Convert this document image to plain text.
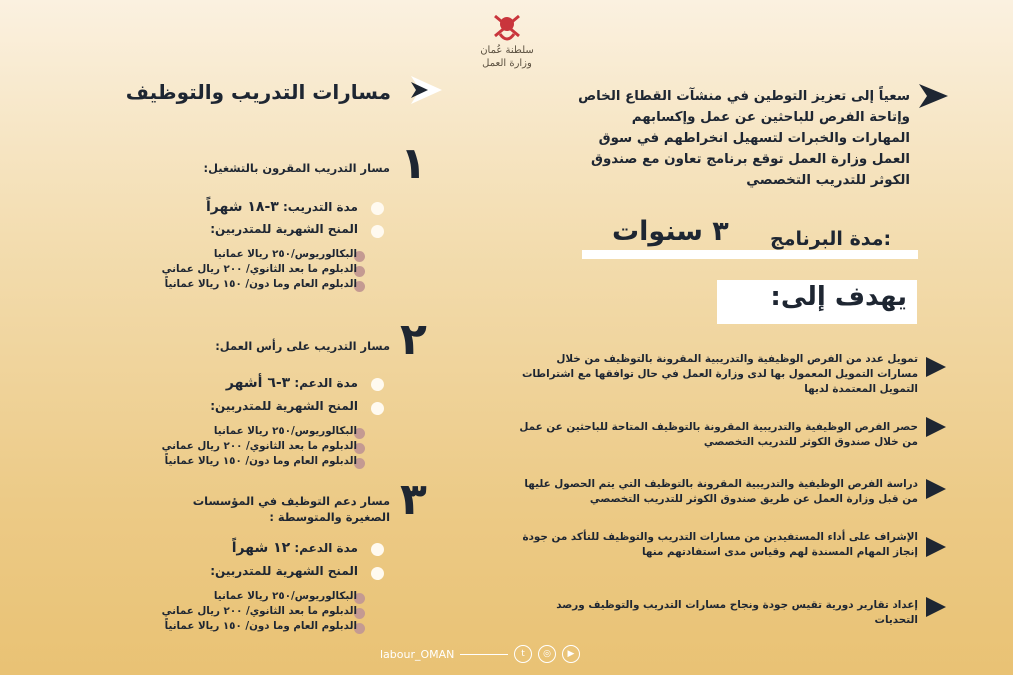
سلطنة عُمان
وزارة العمل
سعياً إلى تعزيز التوطين في منشآت القطاع الخاص وإتاحة الفرص للباحثين عن عمل وإكسابهم المهارات والخبرات لتسهيل انخراطهم في سوق العمل وزارة العمل توقع برنامج تعاون مع صندوق الكوثر للتدريب التخصصي
مدة البرنامج:
٣ سنوات
يهدف إلى:
تمويل عدد من الفرص الوظيفية والتدريبية المقرونة بالتوظيف من خلال مسارات التمويل المعمول بها لدى وزارة العمل في حال توافقها مع اشتراطات التمويل المعتمدة لديها
حصر الفرص الوظيفية والتدريبية المقرونة بالتوظيف المتاحة للباحثين عن عمل من خلال صندوق الكوثر للتدريب التخصصي
دراسة الفرص الوظيفية والتدريبية المقرونة بالتوظيف التي يتم الحصول عليها من قبل وزارة العمل عن طريق صندوق الكوثر للتدريب التخصصي
الإشراف على أداء المستفيدين من مسارات التدريب والتوظيف للتأكد من جودة إنجاز المهام المسندة لهم وقياس مدى استفادتهم منها
إعداد تقارير دورية تقيس جودة ونجاح مسارات التدريب والتوظيف ورصد التحديات
مسارات التدريب والتوظيف
١
مسار التدريب المقرون بالتشغيل:
مدة التدريب: ٣-١٨ شهراً
المنح الشهرية للمتدربين:
البكالوريوس/٢٥٠ ريالا عمانيا
الدبلوم ما بعد الثانوي/ ٢٠٠ ريال عماني
الدبلوم العام وما دون/ ١٥٠ ريالا عمانياً
٢
مسار التدريب على رأس العمل:
مدة الدعم: ٣-٦ أشهر
المنح الشهرية للمتدربين:
البكالوريوس/٢٥٠ ريالا عمانيا
الدبلوم ما بعد الثانوي/ ٢٠٠ ريال عماني
الدبلوم العام وما دون/ ١٥٠ ريالا عمانياً
٣
مسار دعم التوظيف في المؤسسات الصغيرة والمتوسطة :
مدة الدعم: ١٢ شهراً
المنح الشهرية للمتدربين:
البكالوريوس/٢٥٠ ريالا عمانيا
الدبلوم ما بعد الثانوي/ ٢٠٠ ريال عماني
الدبلوم العام وما دون/ ١٥٠ ريالا عمانياً
labour_OMAN	t	◎	▶
